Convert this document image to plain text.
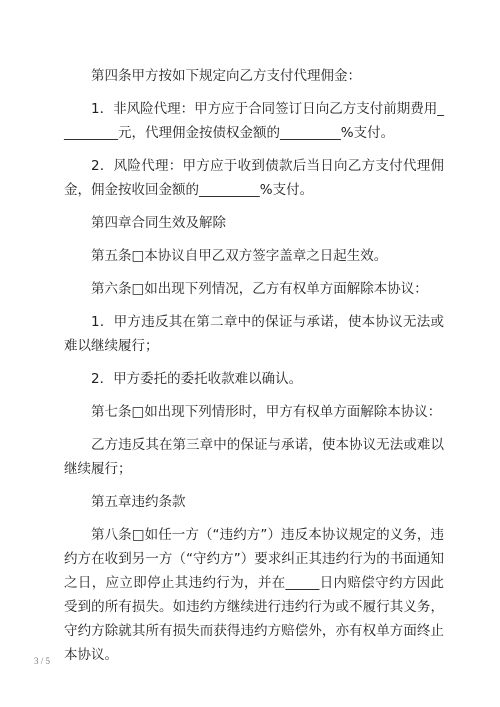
第四条甲方按如下规定向乙方支付代理佣金：

1．非风险代理：甲方应于合同签订日向乙方支付前期费用_________元，代理佣金按债权金额的_________%支付。

2．风险代理：甲方应于收到债款后当日向乙方支付代理佣金，佣金按收回金额的_________%支付。

第四章合同生效及解除

第五条□本协议自甲乙双方签字盖章之日起生效。

第六条□如出现下列情况，乙方有权单方面解除本协议：

1．甲方违反其在第二章中的保证与承诺，使本协议无法或难以继续履行；

2．甲方委托的委托收款难以确认。

第七条□如出现下列情形时，甲方有权单方面解除本协议：

乙方违反其在第三章中的保证与承诺，使本协议无法或难以继续履行；

第五章违约条款

第八条□如任一方（“违约方”）违反本协议规定的义务，违约方在收到另一方（“守约方”）要求纠正其违约行为的书面通知之日，应立即停止其违约行为，并在_____日内赔偿守约方因此受到的所有损失。如违约方继续进行违约行为或不履行其义务，守约方除就其所有损失而获得违约方赔偿外，亦有权单方面终止本协议。

3 / 5
